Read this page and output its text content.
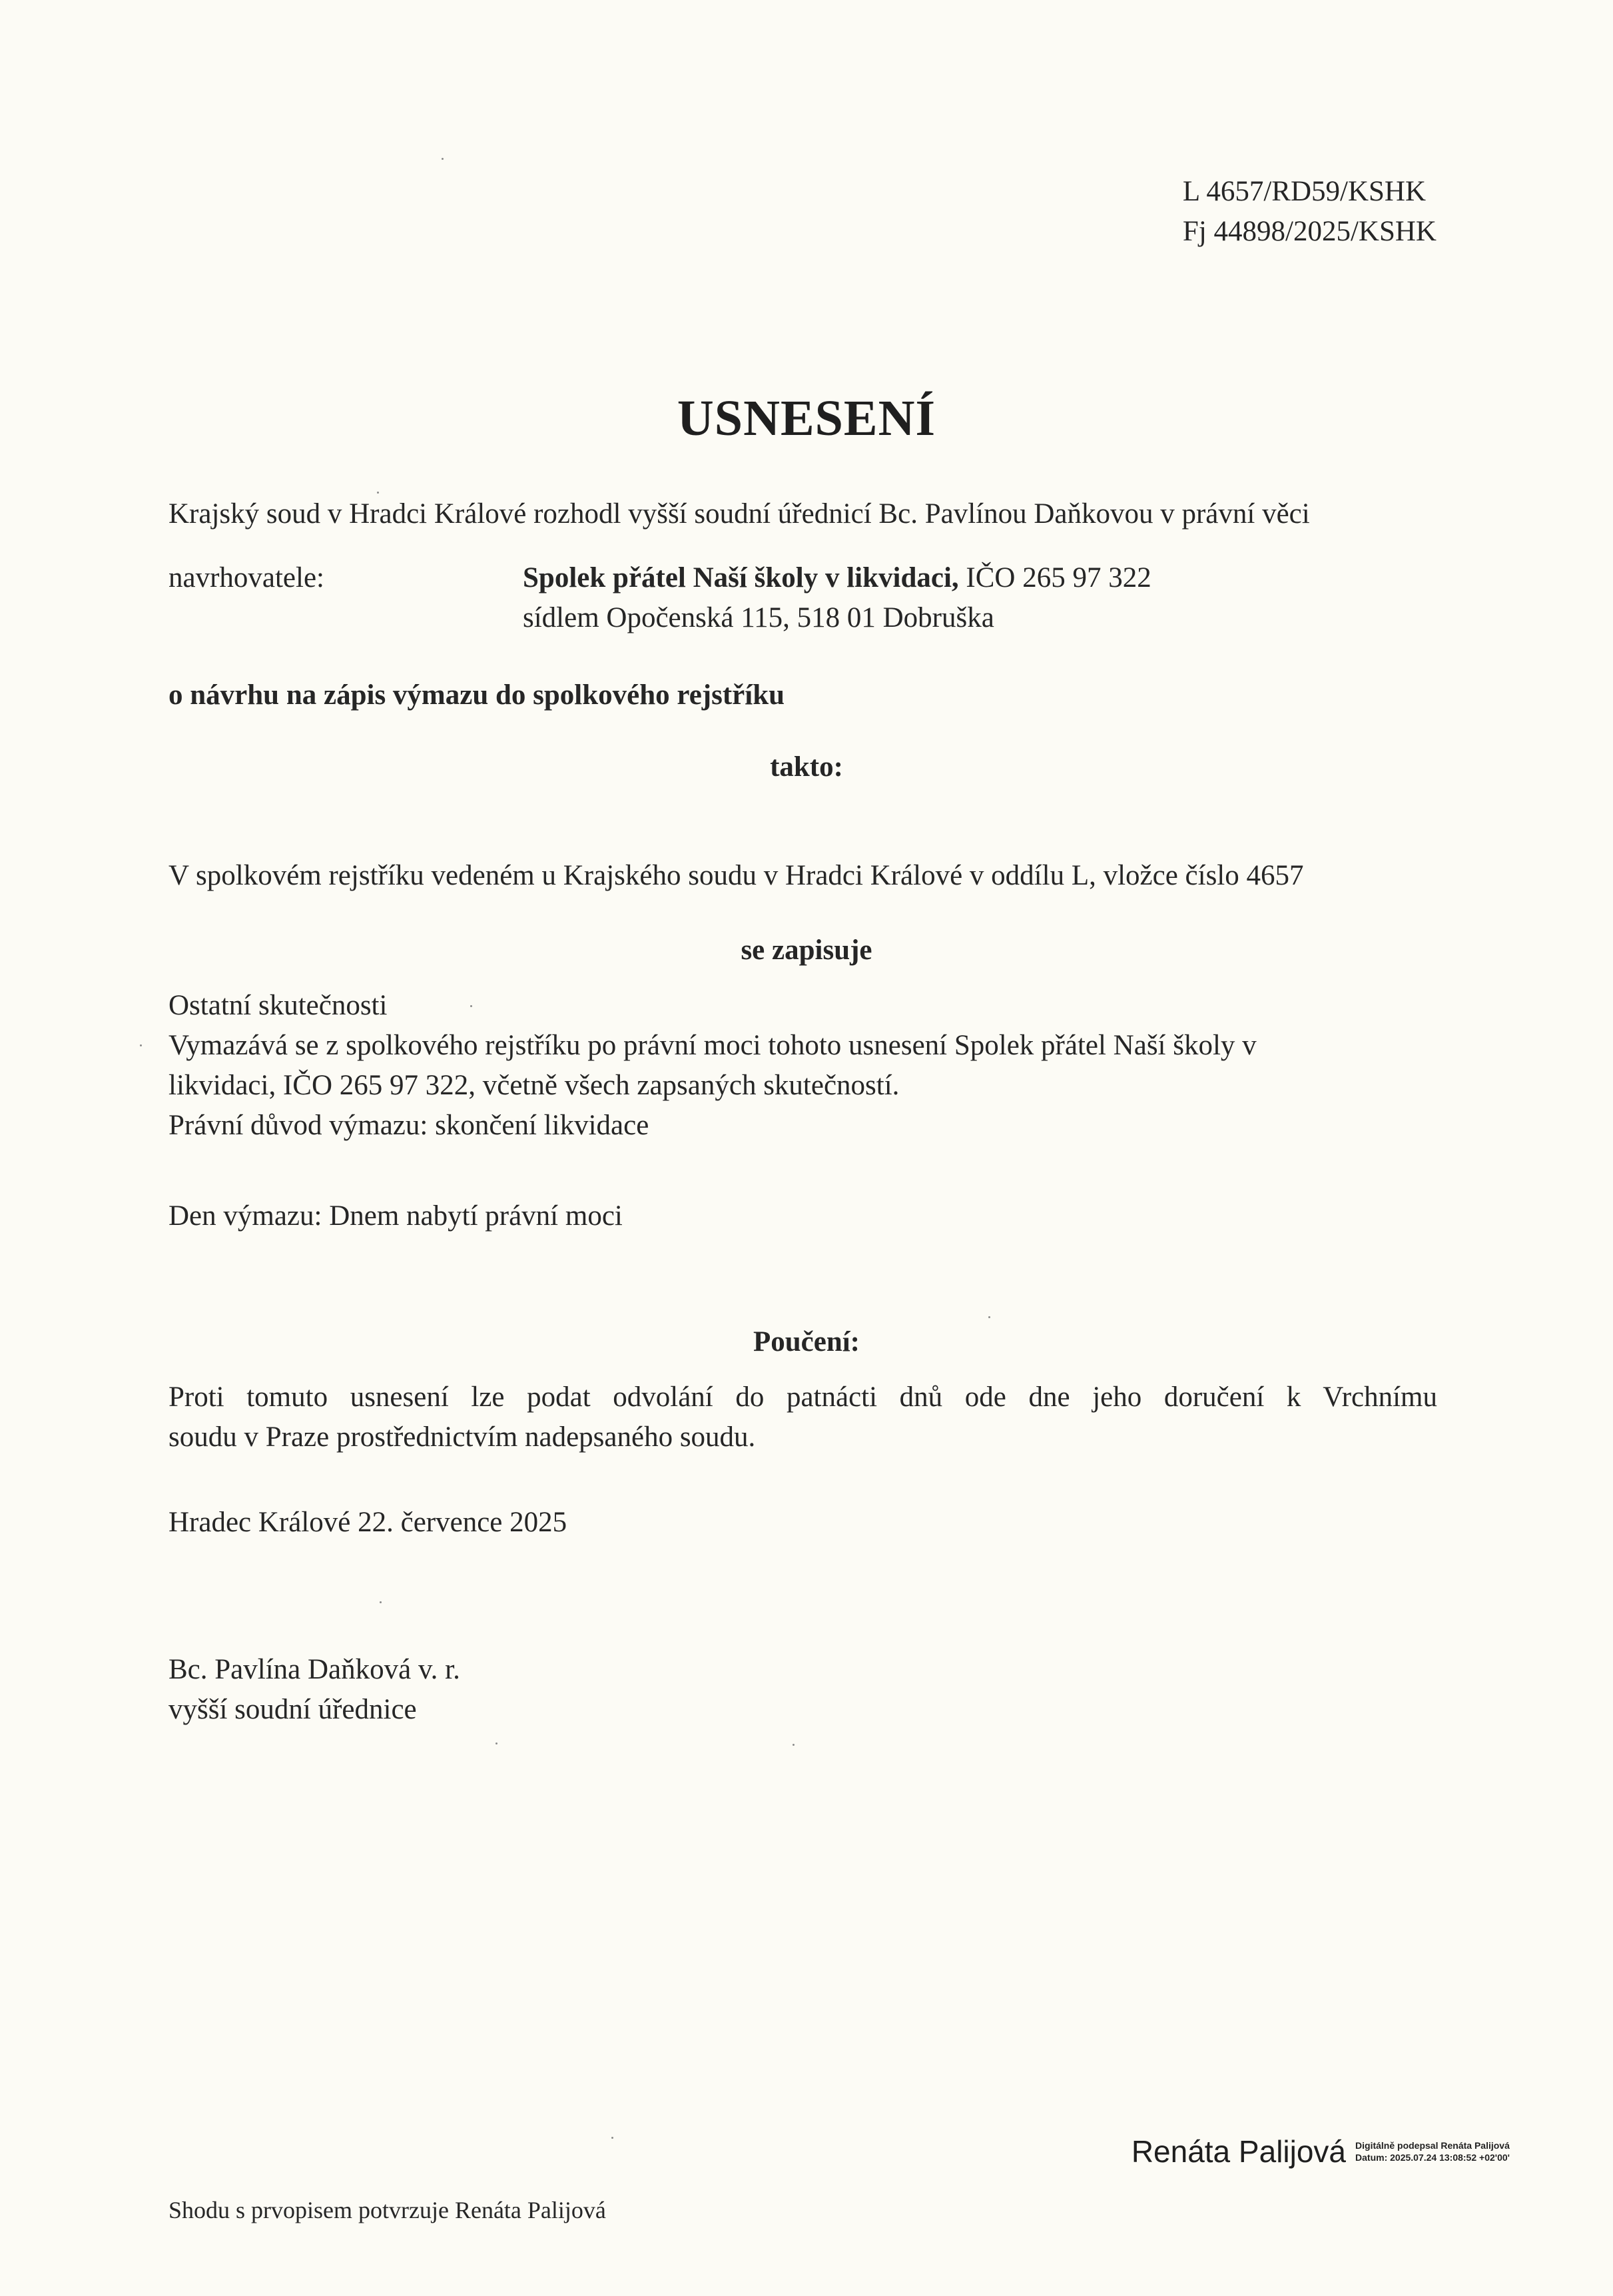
L 4657/RD59/KSHK
Fj 44898/2025/KSHK
USNESENÍ
Krajský soud v Hradci Králové rozhodl vyšší soudní úřednicí Bc. Pavlínou Daňkovou v právní věci
navrhovatele:	Spolek přátel Naší školy v likvidaci, IČO 265 97 322
sídlem Opočenská 115, 518 01 Dobruška
o návrhu na zápis výmazu do spolkového rejstříku
takto:
V spolkovém rejstříku vedeném u Krajského soudu v Hradci Králové v oddílu L, vložce číslo 4657
se zapisuje
Ostatní skutečnosti
Vymazává se z spolkového rejstříku po právní moci tohoto usnesení Spolek přátel Naší školy v
likvidaci, IČO 265 97 322, včetně všech zapsaných skutečností.
Právní důvod výmazu: skončení likvidace
Den výmazu: Dnem nabytí právní moci
Poučení:
Proti tomuto usnesení lze podat odvolání do patnácti dnů ode dne jeho doručení k Vrchnímu
soudu v Praze prostřednictvím nadepsaného soudu.
Hradec Králové 22. července 2025
Bc. Pavlína Daňková v. r.
vyšší soudní úřednice
Renáta Palijová Digitálně podepsal Renáta Palijová
Datum: 2025.07.24 13:08:52 +02'00'
Shodu s prvopisem potvrzuje Renáta Palijová
